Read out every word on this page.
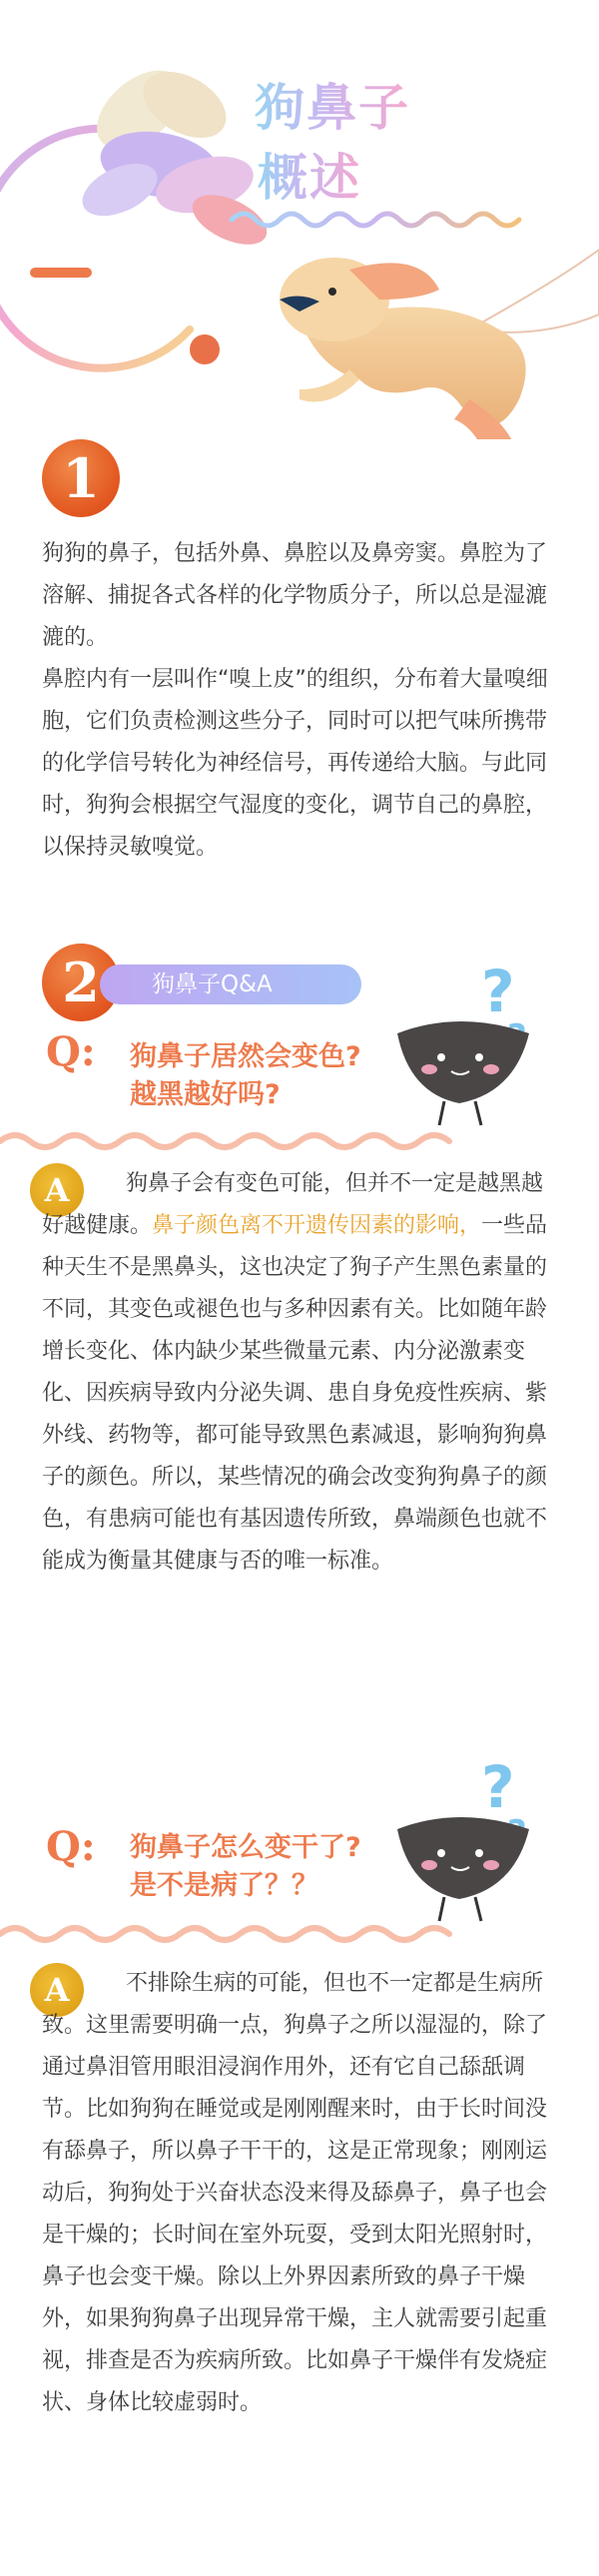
狗鼻子
概述
1

狗狗的鼻子，包括外鼻、鼻腔以及鼻旁窦。鼻腔为了溶解、捕捉各式各样的化学物质分子，所以总是湿漉漉的。

鼻腔内有一层叫作“嗅上皮”的组织，分布着大量嗅细胞，它们负责检测这些分子，同时可以把气味所携带的化学信号转化为神经信号，再传递给大脑。与此同时，狗狗会根据空气湿度的变化，调节自己的鼻腔，以保持灵敏嗅觉。

2	狗鼻子Q&A
Q: 狗鼻子居然会变色?
越黑越好吗?
?
A	狗鼻子会有变色可能，但并不一定是越黑越好越健康。鼻子颜色离不开遗传因素的影响，一些品种天生不是黑鼻头，这也决定了狗子产生黑色素量的不同，其变色或褪色也与多种因素有关。比如随年龄增长变化、体内缺少某些微量元素、内分泌激素变化、因疾病导致内分泌失调、患自身免疫性疾病、紫外线、药物等，都可能导致黑色素减退，影响狗狗鼻子的颜色。所以，某些情况的确会改变狗狗鼻子的颜色，有患病可能也有基因遗传所致，鼻端颜色也就不能成为衡量其健康与否的唯一标准。
Q: 狗鼻子怎么变干了?
是不是病了？？
?
A	不排除生病的可能，但也不一定都是生病所致。这里需要明确一点，狗鼻子之所以湿湿的，除了通过鼻泪管用眼泪浸润作用外，还有它自己舔舐调节。比如狗狗在睡觉或是刚刚醒来时，由于长时间没有舔鼻子，所以鼻子干干的，这是正常现象；刚刚运动后，狗狗处于兴奋状态没来得及舔鼻子，鼻子也会是干燥的；长时间在室外玩耍，受到太阳光照射时，鼻子也会变干燥。除以上外界因素所致的鼻子干燥外，如果狗狗鼻子出现异常干燥，主人就需要引起重视，排查是否为疾病所致。比如鼻子干燥伴有发烧症状、身体比较虚弱时。
